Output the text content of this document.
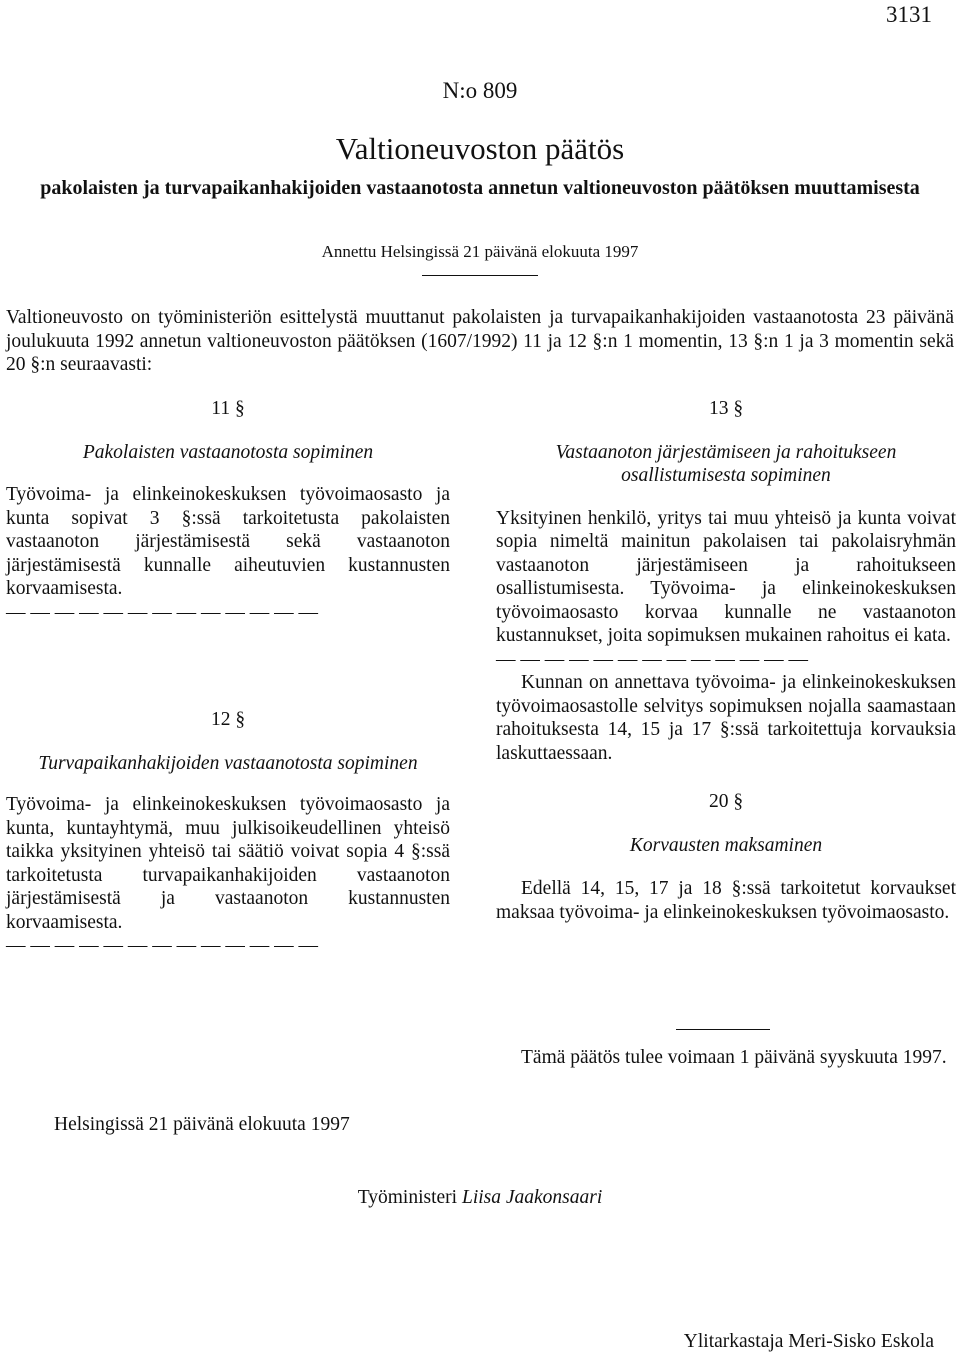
3131
N:o 809
Valtioneuvoston päätös
pakolaisten ja turvapaikanhakijoiden vastaanotosta annetun valtioneuvoston päätöksen muuttamisesta
Annettu Helsingissä 21 päivänä elokuuta 1997
Valtioneuvosto on työministeriön esittelystä muuttanut pakolaisten ja turvapaikanhakijoiden vastaanotosta 23 päivänä joulukuuta 1992 annetun valtioneuvoston päätöksen (1607/1992) 11 ja 12 §:n 1 momentin, 13 §:n 1 ja 3 momentin sekä 20 §:n seuraavasti:
11 §
Pakolaisten vastaanotosta sopiminen
Työvoima- ja elinkeinokeskuksen työvoimaosasto ja kunta sopivat 3 §:ssä tarkoitetusta pakolaisten vastaanoton järjestämisestä sekä vastaanoton järjestämisestä kunnalle aiheutuvien kustannusten korvaamisesta.
— — — — — — — — — — — — —
12 §
Turvapaikanhakijoiden vastaanotosta sopiminen
Työvoima- ja elinkeinokeskuksen työvoimaosasto ja kunta, kuntayhtymä, muu julkisoikeudellinen yhteisö taikka yksityinen yhteisö tai säätiö voivat sopia 4 §:ssä tarkoitetusta turvapaikanhakijoiden vastaanoton järjestämisestä ja vastaanoton kustannusten korvaamisesta.
— — — — — — — — — — — — —
13 §
Vastaanoton järjestämiseen ja rahoitukseen osallistumisesta sopiminen
Yksityinen henkilö, yritys tai muu yhteisö ja kunta voivat sopia nimeltä mainitun pakolaisen tai pakolaisryhmän vastaanoton järjestämiseen ja rahoitukseen osallistumisesta. Työvoima- ja elinkeinokeskuksen työvoimaosasto korvaa kunnalle ne vastaanoton kustannukset, joita sopimuksen mukainen rahoitus ei kata.
— — — — — — — — — — — — —
Kunnan on annettava työvoima- ja elinkeinokeskuksen työvoimaosastolle selvitys sopimuksen nojalla saamastaan rahoituksesta 14, 15 ja 17 §:ssä tarkoitettuja korvauksia laskuttaessaan.
20 §
Korvausten maksaminen
Edellä 14, 15, 17 ja 18 §:ssä tarkoitetut korvaukset maksaa työvoima- ja elinkeinokeskuksen työvoimaosasto.
Tämä päätös tulee voimaan 1 päivänä syyskuuta 1997.
Helsingissä 21 päivänä elokuuta 1997
Työministeri Liisa Jaakonsaari
Ylitarkastaja Meri-Sisko Eskola
